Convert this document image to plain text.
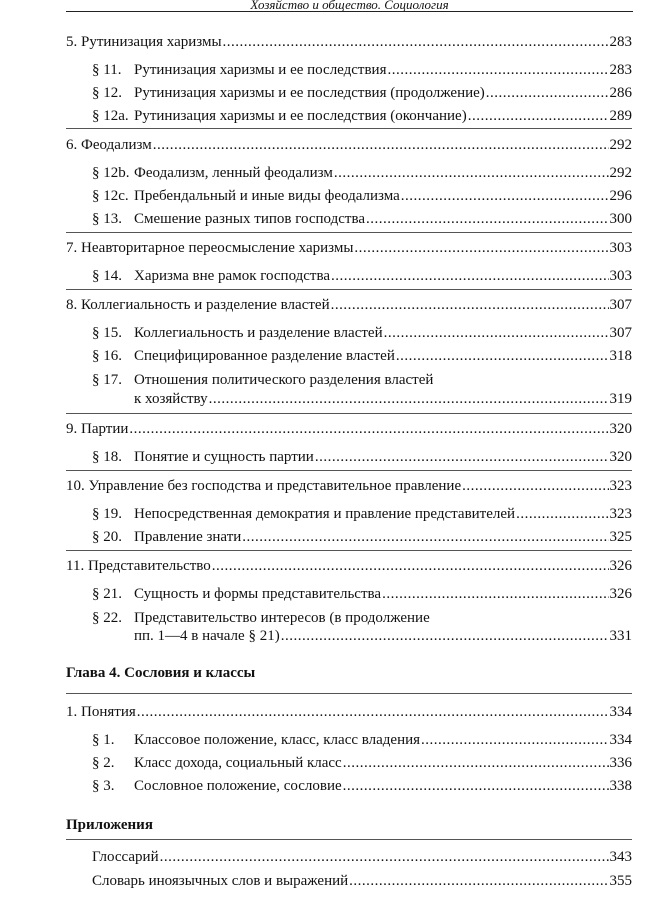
Хозяйство и общество. Социология
5. Рутинизация харизмы .....	283
§ 11. Рутинизация харизмы и ее последствия .....	283
§ 12. Рутинизация харизмы и ее последствия (продолжение) .....	286
§ 12a. Рутинизация харизмы и ее последствия (окончание) .....	289
6. Феодализм .....	292
§ 12b. Феодализм, ленный феодализм .....	292
§ 12c. Пребендальный и иные виды феодализма .....	296
§ 13. Смешение разных типов господства .....	300
7. Неавторитарное переосмысление харизмы .....	303
§ 14. Харизма вне рамок господства .....	303
8. Коллегиальность и разделение властей .....	307
§ 15. Коллегиальность и разделение властей .....	307
§ 16. Специфицированное разделение властей .....	318
§ 17. Отношения политического разделения властей
к хозяйству .....	319
9. Партии .....	320
§ 18. Понятие и сущность партии .....	320
10. Управление без господства и представительное правление .....	323
§ 19. Непосредственная демократия и правление представителей .....	323
§ 20. Правление знати .....	325
11. Представительство .....	326
§ 21. Сущность и формы представительства .....	326
§ 22. Представительство интересов (в продолжение
пп. 1—4 в начале § 21) .....	331
Глава 4. Сословия и классы
1. Понятия .....	334
§ 1.	Классовое положение, класс, класс владения .....	334
§ 2.	Класс дохода, социальный класс .....	336
§ 3.	Сословное положение, сословие .....	338
Приложения
Глоссарий .....	343
Словарь иноязычных слов и выражений .....	355
